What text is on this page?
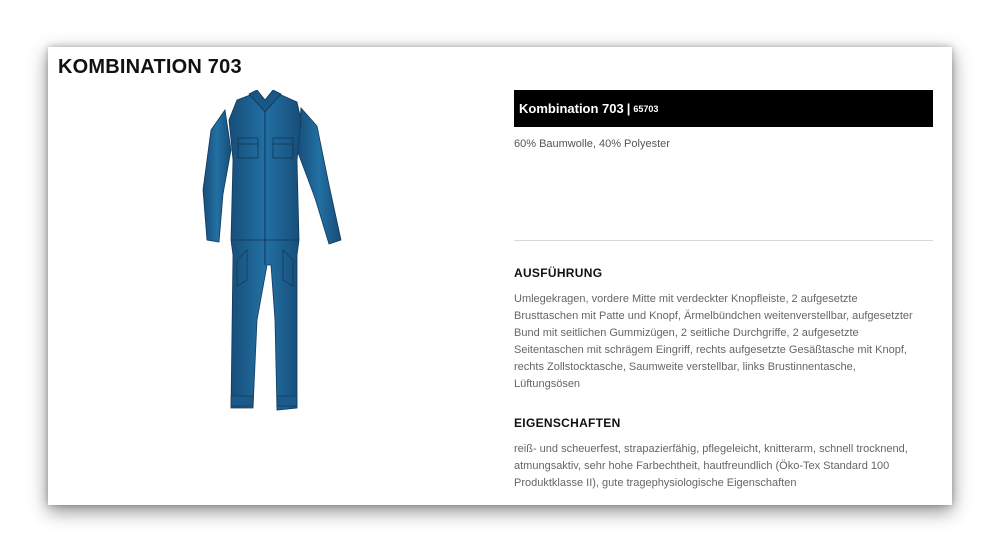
KOMBINATION 703
Kombination 703 | 65703
60% Baumwolle, 40% Polyester
AUSFÜHRUNG

Umlegekragen, vordere Mitte mit verdeckter Knopfleiste, 2 aufgesetzte
Brusttaschen mit Patte und Knopf, Ärmelbündchen weitenverstellbar, aufgesetzter
Bund mit seitlichen Gummizügen, 2 seitliche Durchgriffe, 2 aufgesetzte
Seitentaschen mit schrägem Eingriff, rechts aufgesetzte Gesäßtasche mit Knopf,
rechts Zollstocktasche, Saumweite verstellbar, links Brustinnentasche,
Lüftungsösen

EIGENSCHAFTEN

reiß- und scheuerfest, strapazierfähig, pflegeleicht, knitterarm, schnell trocknend,
atmungsaktiv, sehr hohe Farbechtheit, hautfreundlich (Öko-Tex Standard 100
Produktklasse II), gute tragephysiologische Eigenschaften
